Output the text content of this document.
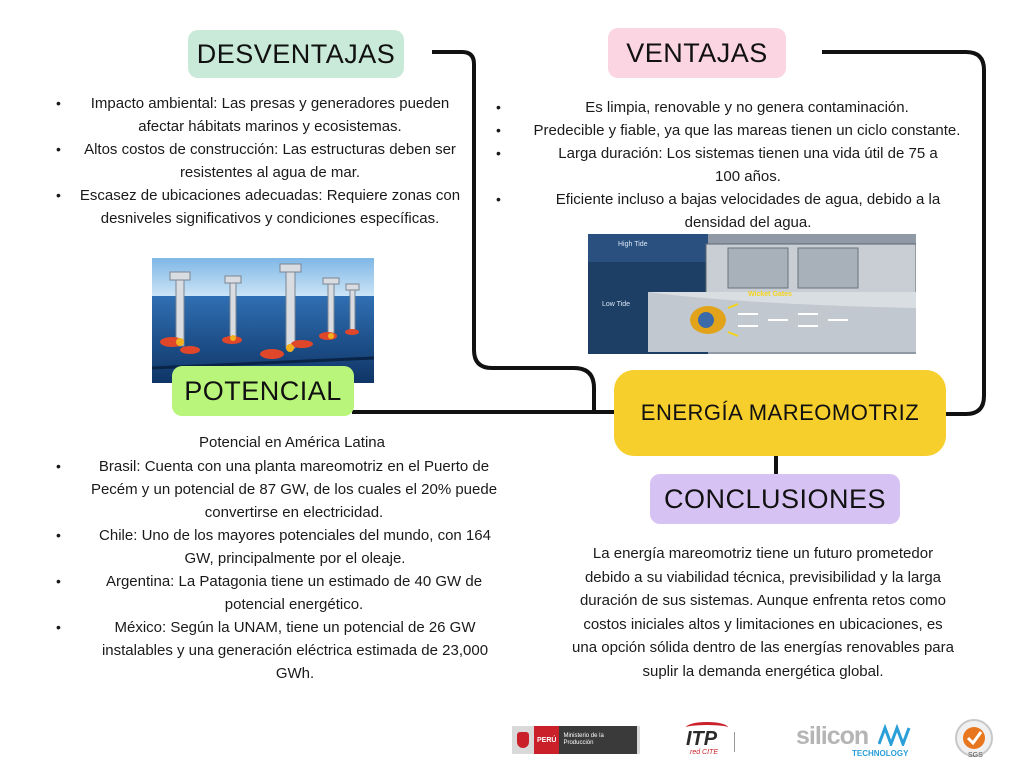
DESVENTAJAS
• Impacto ambiental: Las presas y generadores pueden afectar hábitats marinos y ecosistemas.
• Altos costos de construcción: Las estructuras deben ser resistentes al agua de mar.
• Escasez de ubicaciones adecuadas: Requiere zonas con desniveles significativos y condiciones específicas.
VENTAJAS
• Es limpia, renovable y no genera contaminación.
• Predecible y fiable, ya que las mareas tienen un ciclo constante.
• Larga duración: Los sistemas tienen una vida útil de 75 a 100 años.
• Eficiente incluso a bajas velocidades de agua, debido a la densidad del agua.
High Tide
Low Tide
Wicket Gates
ENERGÍA MAREOMOTRIZ
POTENCIAL
Potencial en América Latina
• Brasil: Cuenta con una planta mareomotriz en el Puerto de Pecém y un potencial de 87 GW, de los cuales el 20% puede convertirse en electricidad.
• Chile: Uno de los mayores potenciales del mundo, con 164 GW, principalmente por el oleaje.
• Argentina: La Patagonia tiene un estimado de 40 GW de potencial energético.
• México: Según la UNAM, tiene un potencial de 26 GW instalables y una generación eléctrica estimada de 23,000 GWh.
CONCLUSIONES
La energía mareomotriz tiene un futuro prometedor debido a su viabilidad técnica, previsibilidad y la larga duración de sus sistemas. Aunque enfrenta retos como costos iniciales altos y limitaciones en ubicaciones, es una opción sólida dentro de las energías renovables para suplir la demanda energética global.
PERÚ
Ministerio de la Producción	ITP
red CITE
silicon
TECHNOLOGY	SGS
